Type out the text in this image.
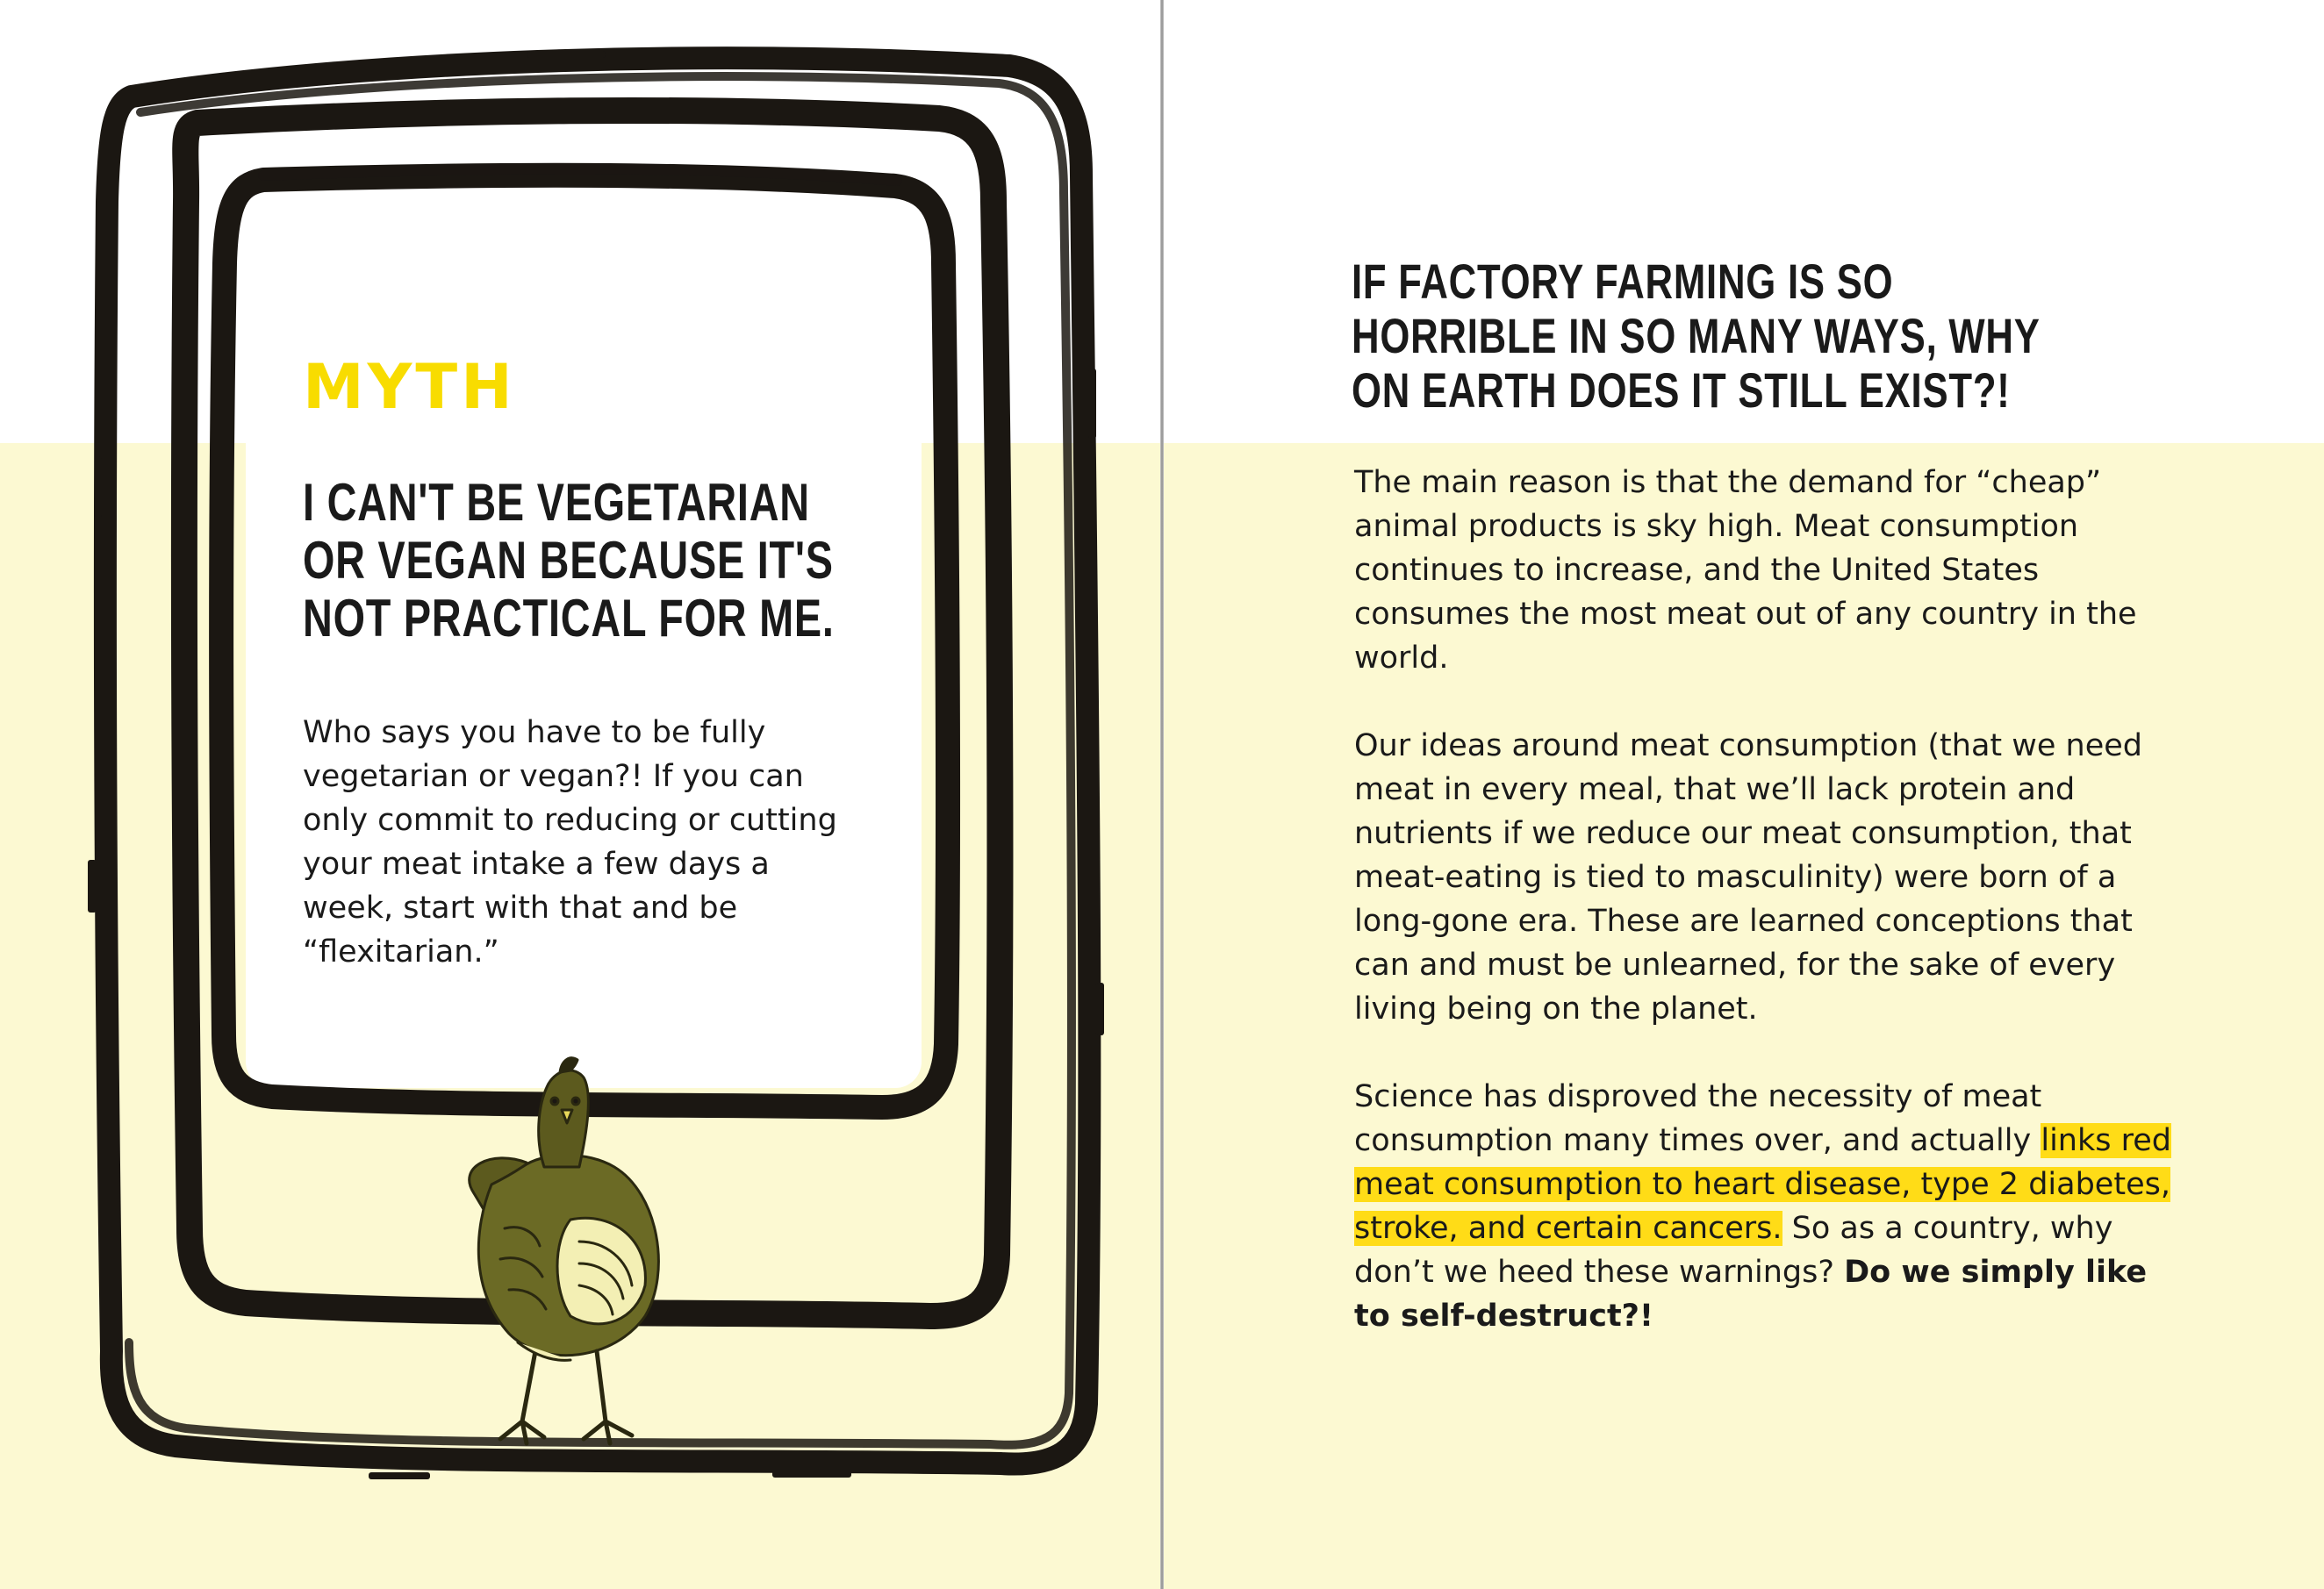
MYTH
I CAN'T BE VEGETARIAN OR VEGAN BECAUSE IT'S NOT PRACTICAL FOR ME.
Who says you have to be fully vegetarian or vegan?! If you can only commit to reducing or cutting your meat intake a few days a week, start with that and be “flexitarian.”
IF FACTORY FARMING IS SO HORRIBLE IN SO MANY WAYS, WHY ON EARTH DOES IT STILL EXIST?!

The main reason is that the demand for “cheap” animal products is sky high. Meat consumption continues to increase, and the United States consumes the most meat out of any country in the world.

Our ideas around meat consumption (that we need meat in every meal, that we’ll lack protein and nutrients if we reduce our meat consumption, that meat-eating is tied to masculinity) were born of a long-gone era. These are learned conceptions that can and must be unlearned, for the sake of every living being on the planet.

Science has disproved the necessity of meat consumption many times over, and actually links red meat consumption to heart disease, type 2 diabetes, stroke, and certain cancers. So as a country, why don’t we heed these warnings? Do we simply like to self-destruct?!
